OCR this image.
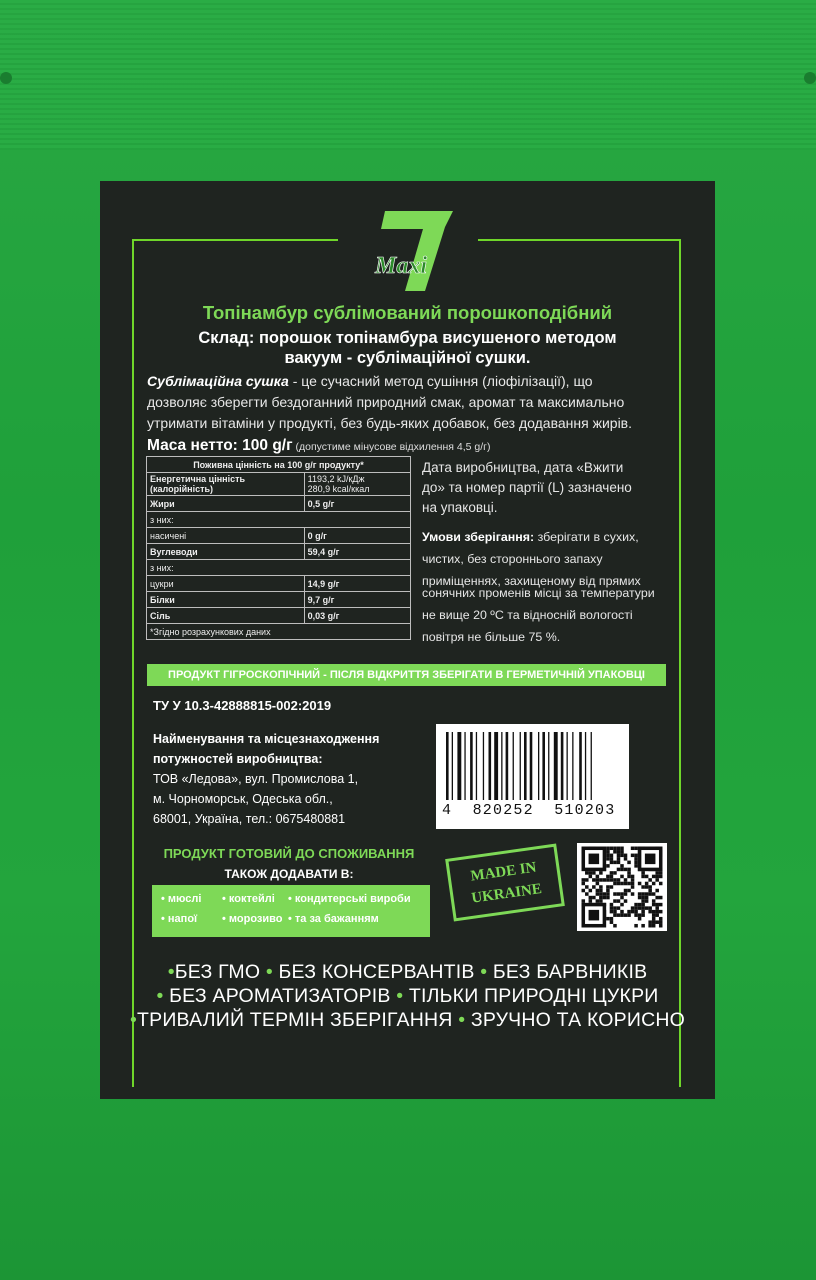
Maxi
Топінамбур сублімований порошкоподібний
Склад: порошок топінамбура висушеного методом
вакуум - сублімаційної сушки.
Сублімаційна сушка - це сучасний метод сушіння (ліофілізації), що
дозволяє зберегти бездоганний природний смак, аромат та максимально
утримати вітаміни у продукті, без будь-яких добавок, без додавання жирів.
Маса нетто: 100 g/г (допустиме мінусове відхилення 4,5 g/г)
Поживна цінність на 100 g/г продукту*	
Енергетична цінність
(калорійність)	1193,2 kJ/кДж
280,9 kcal/ккал
Жири	0,5 g/г
з них:	
насичені	0 g/г
Вуглеводи	59,4 g/г
з них:	
цукри	14,9 g/г
Білки	9,7 g/г
Сіль	0,03 g/г
*Згідно розрахункових даних	
Дата виробництва, дата «Вжити
до» та номер партії (L) зазначено
на упаковці.
Умови зберігання: зберігати в сухих,
чистих, без стороннього запаху
приміщеннях, захищеному від прямих
сонячних променів місці за температури
не вище 20 ºС та відносній вологості
повітря не більше 75 %.
ПРОДУКТ ГІГРОСКОПІЧНИЙ - ПІСЛЯ ВІДКРИТТЯ ЗБЕРІГАТИ В ГЕРМЕТИЧНІЙ УПАКОВЦІ
ТУ У 10.3-42888815-002:2019
Найменування та місцезнаходження
потужностей виробництва:
ТОВ «Ледова», вул. Промислова 1,
м. Чорноморськ, Одеська обл.,
68001, Україна, тел.: 0675480881	4 820252 510203
ПРОДУКТ ГОТОВИЙ ДО СПОЖИВАННЯ
ТАКОЖ ДОДАВАТИ В:
• мюслі • коктейлі • кондитерські вироби
• напої • морозиво • та за бажанням
MADE IN
UKRAINE
•БЕЗ ГМО • БЕЗ КОНСЕРВАНТІВ • БЕЗ БАРВНИКІВ
• БЕЗ АРОМАТИЗАТОРІВ • ТІЛЬКИ ПРИРОДНІ ЦУКРИ
•ТРИВАЛИЙ ТЕРМІН ЗБЕРІГАННЯ • ЗРУЧНО ТА КОРИСНО
